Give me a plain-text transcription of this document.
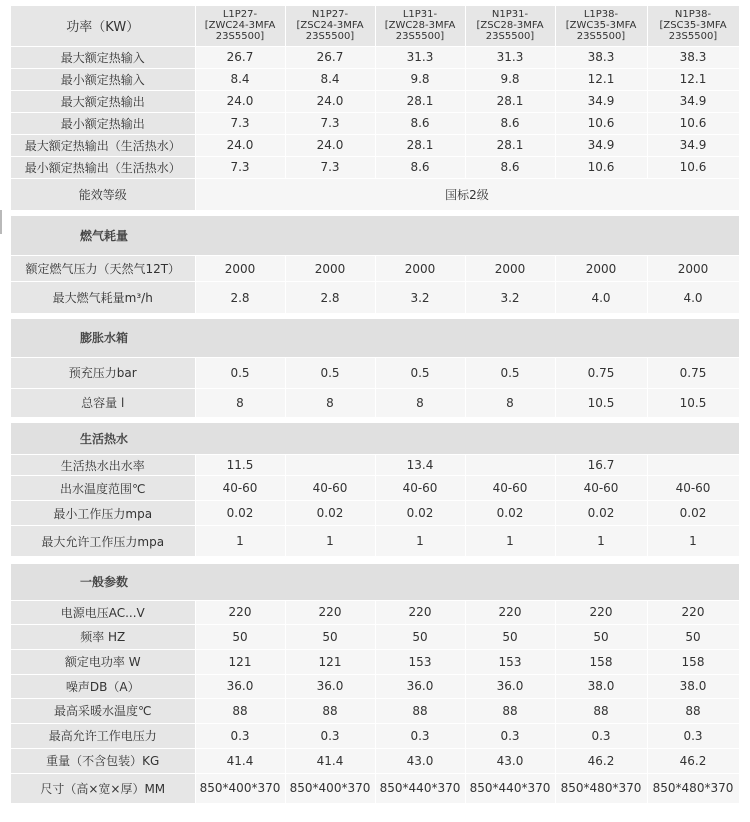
功率（KW）	L1P27-
[ZWC24-3MFA
23S5500]	N1P27-
[ZSC24-3MFA
23S5500]	L1P31-
[ZWC28-3MFA
23S5500]	N1P31-
[ZSC28-3MFA
23S5500]	L1P38-
[ZWC35-3MFA
23S5500]	N1P38-
[ZSC35-3MFA
23S5500]

最大额定热输入	26.7	26.7	31.3	31.3	38.3	38.3
最小额定热输入	8.4	8.4	9.8	9.8	12.1	12.1
最大额定热输出	24.0	24.0	28.1	28.1	34.9	34.9
最小额定热输出	7.3	7.3	8.6	8.6	10.6	10.6
最大额定热输出（生活热水）	24.0	24.0	28.1	28.1	34.9	34.9
最小额定热输出（生活热水）	7.3	7.3	8.6	8.6	10.6	10.6
能效等级	国标2级					

燃气耗量						
额定燃气压力（天然气12T）	2000	2000	2000	2000	2000	2000
最大燃气耗量m³/h	2.8	2.8	3.2	3.2	4.0	4.0

膨胀水箱						
预充压力bar	0.5	0.5	0.5	0.5	0.75	0.75
总容量 l	8	8	8	8	10.5	10.5

生活热水						
生活热水出水率	11.5		13.4		16.7	
出水温度范围℃	40-60	40-60	40-60	40-60	40-60	40-60
最小工作压力mpa	0.02	0.02	0.02	0.02	0.02	0.02
最大允许工作压力mpa	1	1	1	1	1	1

一般参数						
电源电压AC...V	220	220	220	220	220	220
频率 HZ	50	50	50	50	50	50
额定电功率 W	121	121	153	153	158	158
噪声DB（A）	36.0	36.0	36.0	36.0	38.0	38.0
最高采暖水温度℃	88	88	88	88	88	88
最高允许工作电压力	0.3	0.3	0.3	0.3	0.3	0.3
重量（不含包装）KG	41.4	41.4	43.0	43.0	46.2	46.2
尺寸（高×宽×厚）MM	850*400*370	850*400*370	850*440*370	850*440*370	850*480*370	850*480*370
